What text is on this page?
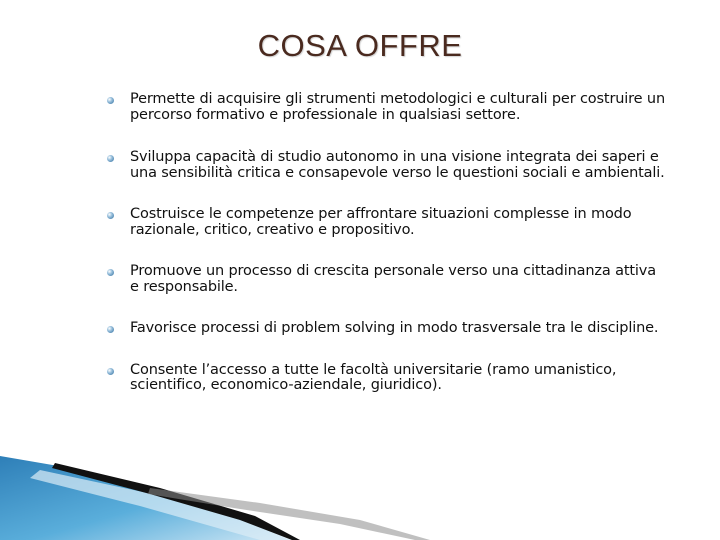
COSA OFFRE
Permette di acquisire gli strumenti metodologici e culturali per costruire un percorso formativo e professionale in qualsiasi settore.
Sviluppa capacità di studio autonomo in una visione integrata dei saperi e una sensibilità critica e consapevole verso le questioni sociali e ambientali.
Costruisce le competenze per affrontare situazioni complesse in modo razionale, critico, creativo e propositivo.
Promuove un processo di crescita personale verso una cittadinanza attiva e responsabile.
Favorisce processi di problem solving in modo trasversale tra le discipline.
Consente l’accesso a tutte le facoltà universitarie (ramo umanistico, scientifico, economico-aziendale, giuridico).
